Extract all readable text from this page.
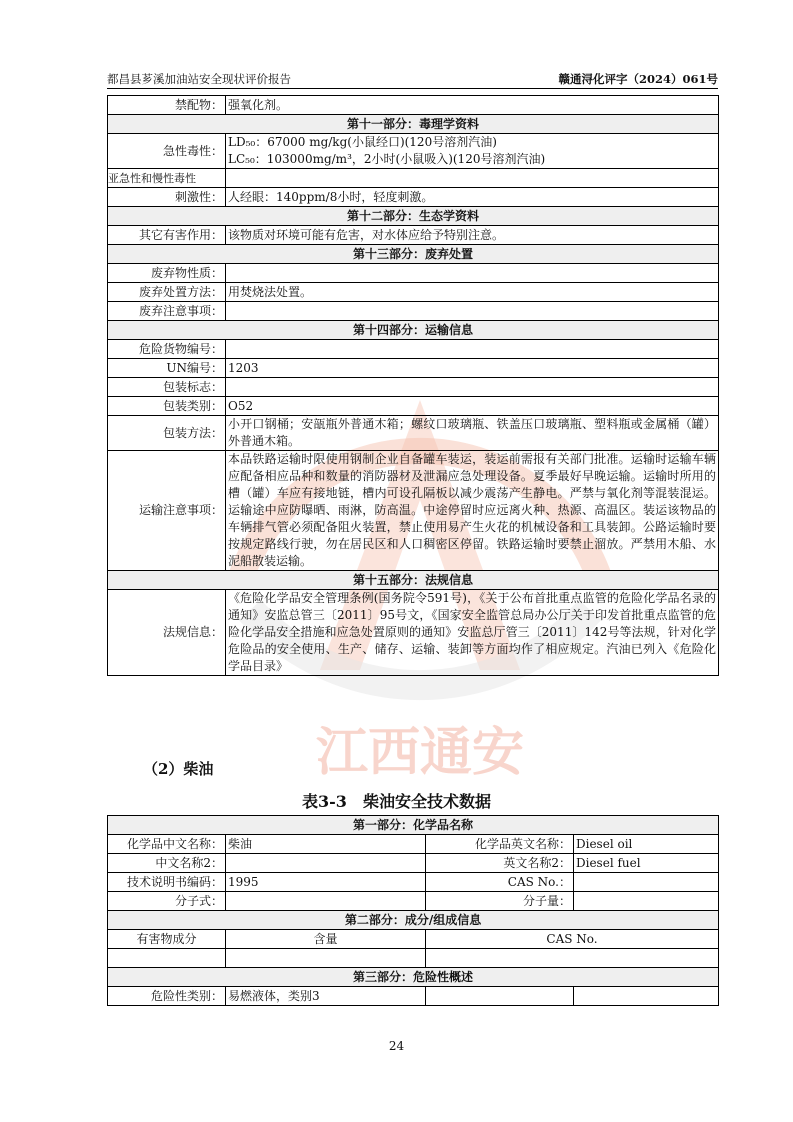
江西通安
都昌县芗溪加油站安全现状评价报告	赣通浔化评字（2024）061号
禁配物：	强氧化剂。
第十一部分：毒理学资料	
急性毒性：	LD₅₀：67000 mg/kg(小鼠经口)(120号溶剂汽油)
LC₅₀：103000mg/m³，2小时(小鼠吸入)(120号溶剂汽油)

亚急性和慢性毒性	
刺激性：	人经眼：140ppm/8小时，轻度刺激。
第十二部分：生态学资料	
其它有害作用：	该物质对环境可能有危害，对水体应给予特别注意。
第十三部分：废弃处置	
废弃物性质：	
废弃处置方法：	用焚烧法处置。
废弃注意事项：	
第十四部分：运输信息	
危险货物编号：	
UN编号：	1203
包装标志：	
包装类别：	O52
包装方法：	小开口钢桶；安瓿瓶外普通木箱；螺纹口玻璃瓶、铁盖压口玻璃瓶、塑料瓶或金属桶（罐）外普通木箱。
运输注意事项：	本品铁路运输时限使用钢制企业自备罐车装运，装运前需报有关部门批准。运输时运输车辆应配备相应品种和数量的消防器材及泄漏应急处理设备。夏季最好早晚运输。运输时所用的槽（罐）车应有接地链，槽内可设孔隔板以减少震荡产生静电。严禁与氧化剂等混装混运。运输途中应防曝晒、雨淋，防高温。中途停留时应远离火种、热源、高温区。装运该物品的车辆排气管必须配备阻火装置，禁止使用易产生火花的机械设备和工具装卸。公路运输时要按规定路线行驶，勿在居民区和人口稠密区停留。铁路运输时要禁止溜放。严禁用木船、水泥船散装运输。
第十五部分：法规信息	
法规信息：	《危险化学品安全管理条例(国务院令591号)，《关于公布首批重点监管的危险化学品名录的通知》安监总管三〔2011〕95号文，《国家安全监管总局办公厅关于印发首批重点监管的危险化学品安全措施和应急处置原则的通知》安监总厅管三〔2011〕142号等法规，针对化学危险品的安全使用、生产、储存、运输、装卸等方面均作了相应规定。汽油已列入《危险化学品目录》
（2）柴油
表3-3　柴油安全技术数据
第一部分：化学品名称			
化学品中文名称：	柴油	化学品英文名称：	Diesel oil
中文名称2：		英文名称2：	Diesel fuel
技术说明书编码：	1995	CAS No.：	
分子式：		分子量：	
第二部分：成分/组成信息			
有害物成分	含量	CAS No.	

第三部分：危险性概述			
危险性类别：	易燃液体，类别3		
24
